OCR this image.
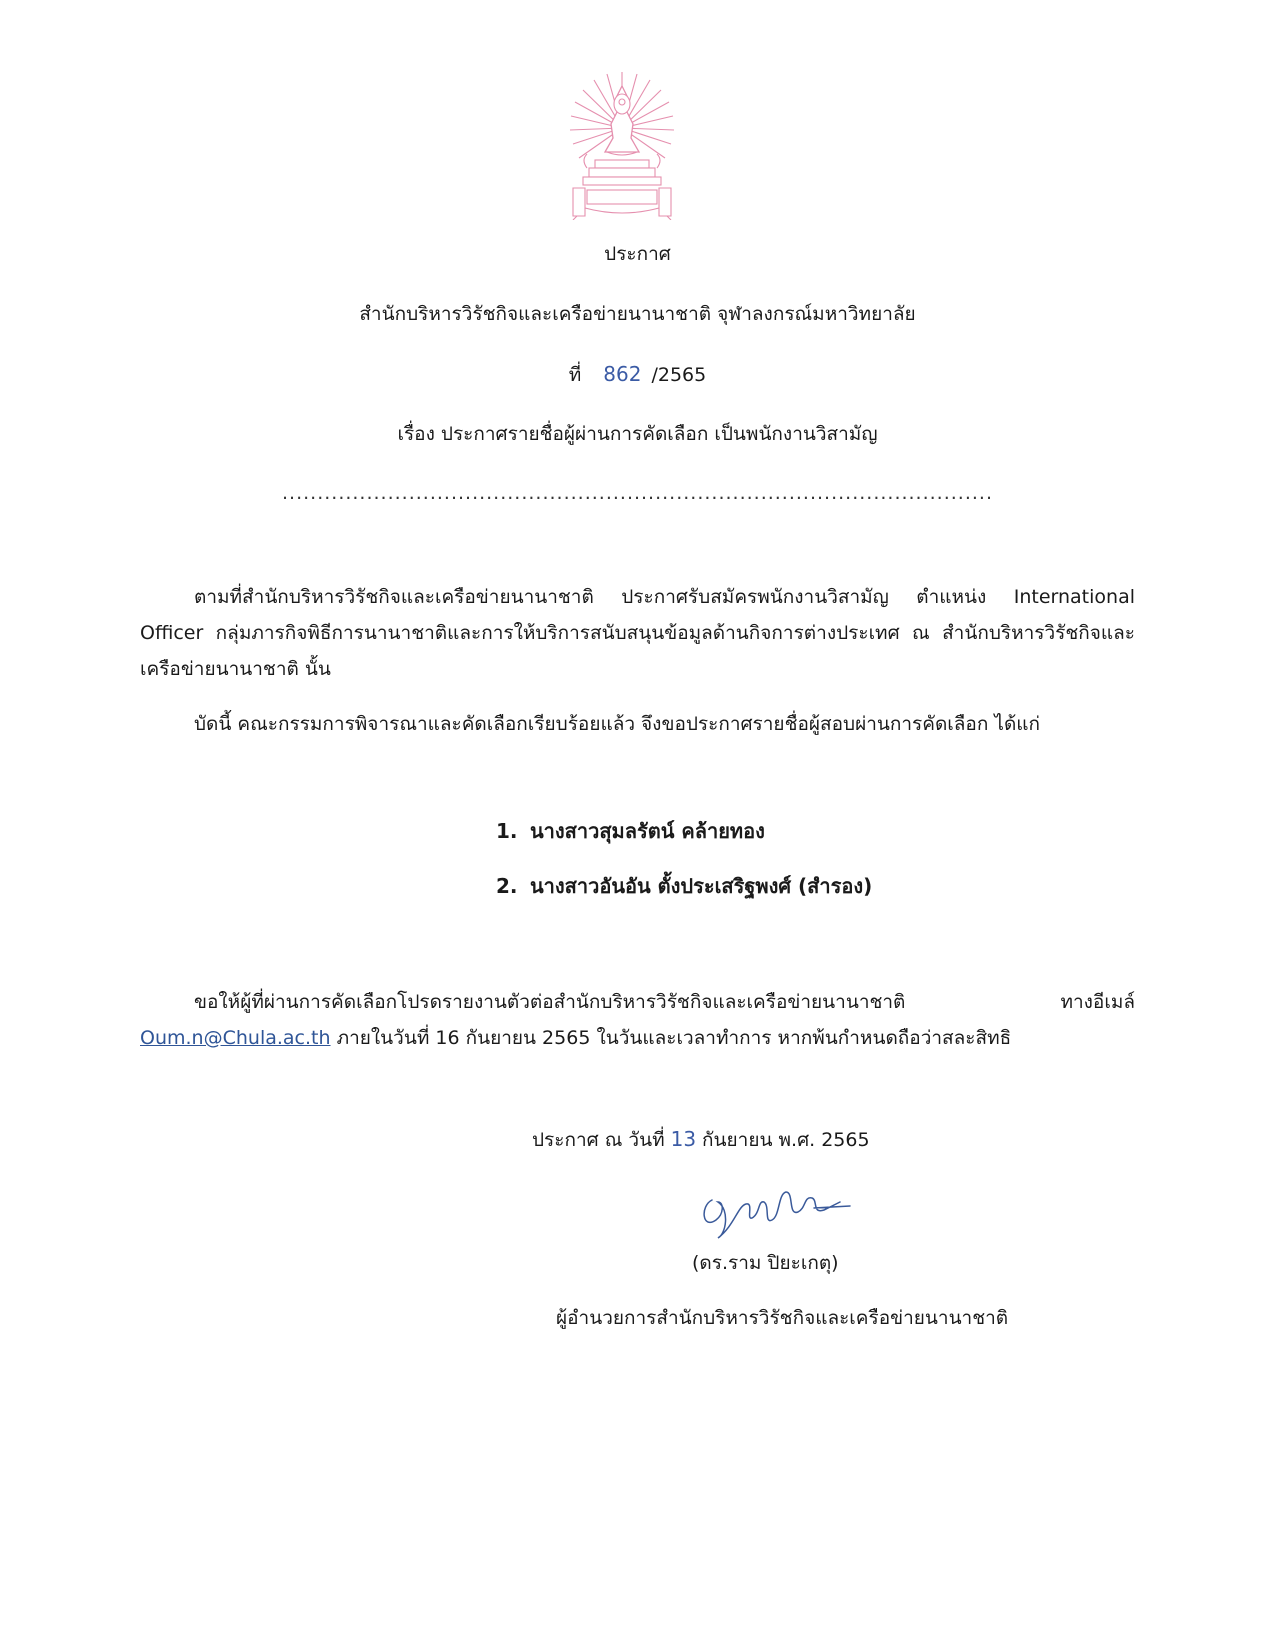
ประกาศ
สำนักบริหารวิรัชกิจและเครือข่ายนานาชาติ จุฬาลงกรณ์มหาวิทยาลัย
ที่ 862 /2565
เรื่อง ประกาศรายชื่อผู้ผ่านการคัดเลือก เป็นพนักงานวิสามัญ
.....................................................................................................
ตามที่สำนักบริหารวิรัชกิจและเครือข่ายนานาชาติ ประกาศรับสมัครพนักงานวิสามัญ ตำแหน่ง International Officer กลุ่มภารกิจพิธีการนานาชาติและการให้บริการสนับสนุนข้อมูลด้านกิจการต่างประเทศ ณ สำนักบริหารวิรัชกิจและเครือข่ายนานาชาติ นั้น
บัดนี้ คณะกรรมการพิจารณาและคัดเลือกเรียบร้อยแล้ว จึงขอประกาศรายชื่อผู้สอบผ่านการคัดเลือก ได้แก่
1. นางสาวสุมลรัตน์ คล้ายทอง
2. นางสาวอันอัน ตั้งประเสริฐพงศ์ (สำรอง)
ขอให้ผู้ที่ผ่านการคัดเลือกโปรดรายงานตัวต่อสำนักบริหารวิรัชกิจและเครือข่ายนานาชาติ ทางอีเมล์ Oum.n@Chula.ac.th ภายในวันที่ 16 กันยายน 2565 ในวันและเวลาทำการ หากพ้นกำหนดถือว่าสละสิทธิ
ประกาศ ณ วันที่ 13 กันยายน พ.ศ. 2565
(ดร.ราม ปิยะเกตุ)
ผู้อำนวยการสำนักบริหารวิรัชกิจและเครือข่ายนานาชาติ
